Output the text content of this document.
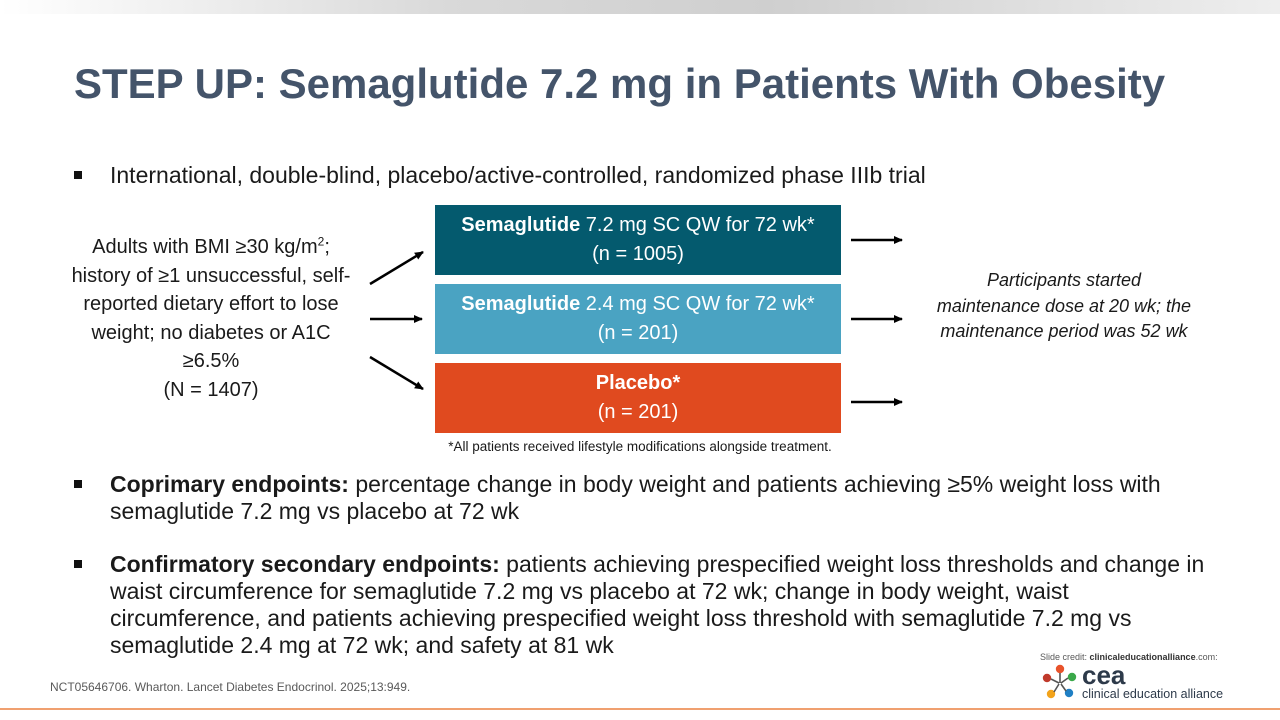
STEP UP: Semaglutide 7.2 mg in Patients With Obesity
International, double-blind, placebo/active-controlled, randomized phase IIIb trial
Adults with BMI ≥30 $kg/m^2$;
history of ≥1 unsuccessful, self-reported dietary effort to lose weight; no diabetes or A1C ≥6.5%
(N = 1407)
Semaglutide 7.2 mg SC QW for 72 wk*
(n = 1005)
Semaglutide 2.4 mg SC QW for 72 wk*
(n = 201)
Placebo*
(n = 201)
*All patients received lifestyle modifications alongside treatment.
Participants started maintenance dose at 20 wk; the maintenance period was 52 wk
Coprimary endpoints: percentage change in body weight and patients achieving ≥5% weight loss with semaglutide 7.2 mg vs placebo at 72 wk
Confirmatory secondary endpoints: patients achieving prespecified weight loss thresholds and change in waist circumference for semaglutide 7.2 mg vs placebo at 72 wk; change in body weight, waist circumference, and patients achieving prespecified weight loss threshold with semaglutide 7.2 mg vs semaglutide 2.4 mg at 72 wk; and safety at 81 wk
NCT05646706. Wharton. Lancet Diabetes Endocrinol. 2025;13:949.
Slide credit: clinicaleducationalliance.com:
cea
clinical education alliance
